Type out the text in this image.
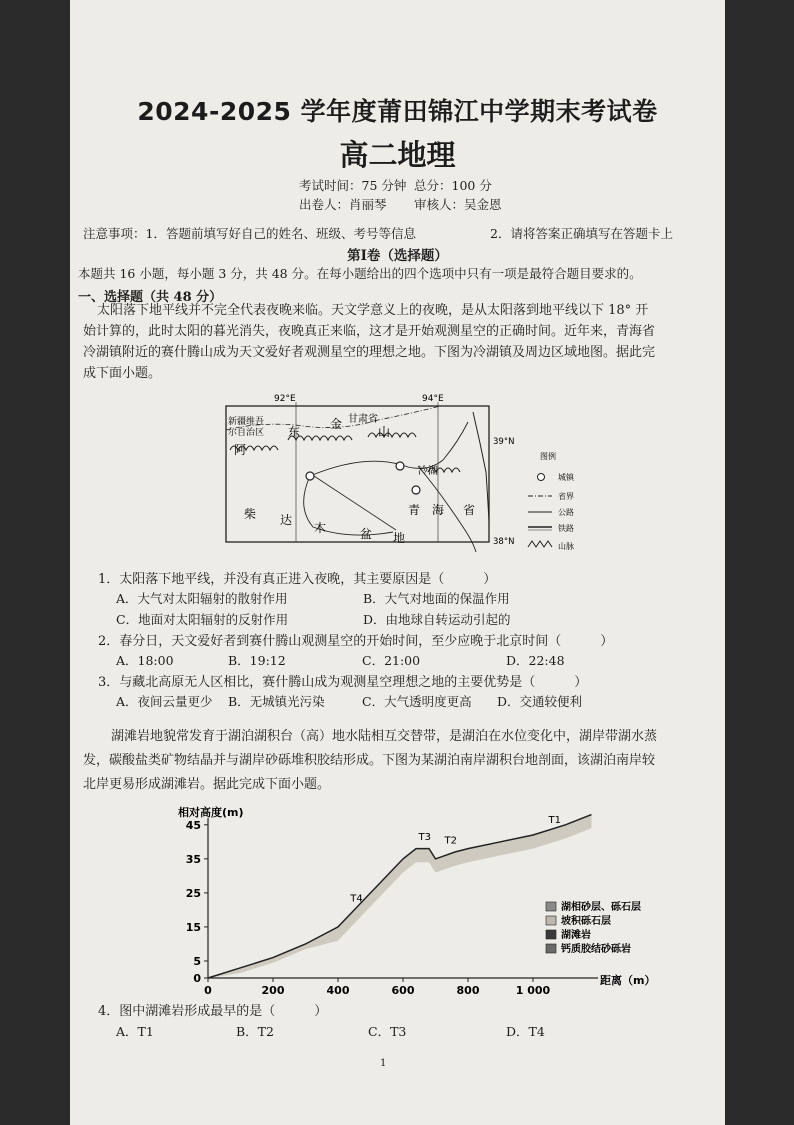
2024-2025 学年度莆田锦江中学期末考试卷
高二地理
考试时间：75 分钟 总分：100 分
出卷人：肖丽琴 审核人：吴金恩
注意事项：1．答题前填写好自己的姓名、班级、考号等信息	2．请将答案正确填写在答题卡上
第Ⅰ卷（选择题）
本题共 16 小题，每小题 3 分，共 48 分。在每小题给出的四个选项中只有一项是最符合题目要求的。
一、选择题（共 48 分）
太阳落下地平线并不完全代表夜晚来临。天文学意义上的夜晚，是从太阳落到地平线以下 18° 开
始计算的，此时太阳的暮光消失，夜晚真正来临，这才是开始观测星空的正确时间。近年来，青海省
冷湖镇附近的赛什腾山成为天文爱好者观测星空的理想之地。下图为冷湖镇及周边区域地图。据此完
成下面小题。
92°E	94°E
39°N
38°N
新疆维吾
尔自治区
甘肃省
冷湖
东
金
阿
山
青 海 省
柴 达
木	盆 地
图例
城镇
省界
公路
铁路
山脉
1．太阳落下地平线，并没有真正进入夜晚，其主要原因是（　　　）
A．大气对太阳辐射的散射作用	B．大气对地面的保温作用
C．地面对太阳辐射的反射作用	D．由地球自转运动引起的
2．春分日，天文爱好者到赛什腾山观测星空的开始时间，至少应晚于北京时间（　　　）
A．18:00	B．19:12	C．21:00	D．22:48
3．与藏北高原无人区相比，赛什腾山成为观测星空理想之地的主要优势是（　　　）
A．夜间云量更少 B．无城镇光污染	C．大气透明度更高 D．交通较便利
湖滩岩地貌常发育于湖泊湖积台（高）地水陆相互交替带，是湖泊在水位变化中，湖岸带湖水蒸
发，碳酸盐类矿物结晶并与湖岸砂砾堆积胶结形成。下图为某湖泊南岸湖积台地剖面，该湖泊南岸较
北岸更易形成湖滩岩。据此完成下面小题。
相对高度(m)
0
5
15
25
35
45
0	200	400	600	800	1 000
距离（m）
T1
T2
T3
T4
湖相砂层、砾石层
坡积砾石层
湖滩岩
钙质胶结砂砾岩
4．图中湖滩岩形成最早的是（　　　）
A．T1	B．T2	C．T3	D．T4
1
